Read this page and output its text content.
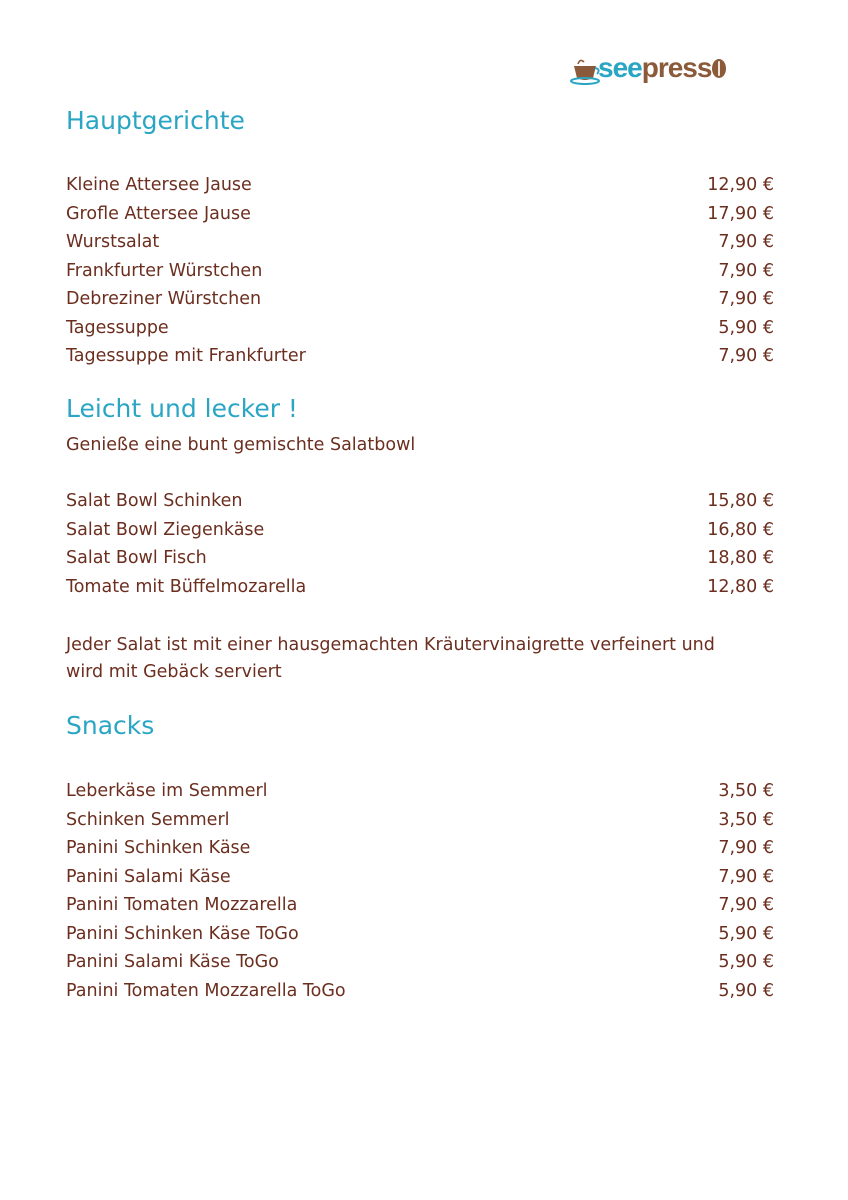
seepress
Hauptgerichte
Kleine Attersee Jause	12,90 €
Grofle Attersee Jause	17,90 €
Wurstsalat	7,90 €
Frankfurter Würstchen	7,90 €
Debreziner Würstchen	7,90 €
Tagessuppe	5,90 €
Tagessuppe mit Frankfurter	7,90 €
Leicht und lecker !

Genieße eine bunt gemischte Salatbowl

Salat Bowl Schinken	15,80 €
Salat Bowl Ziegenkäse	16,80 €
Salat Bowl Fisch	18,80 €
Tomate mit Büffelmozarella	12,80 €
Jeder Salat ist mit einer hausgemachten Kräutervinaigrette verfeinert und
wird mit Gebäck serviert
Snacks
Leberkäse im Semmerl	3,50 €
Schinken Semmerl	3,50 €
Panini Schinken Käse	7,90 €
Panini Salami Käse	7,90 €
Panini Tomaten Mozzarella	7,90 €
Panini Schinken Käse ToGo	5,90 €
Panini Salami Käse ToGo	5,90 €
Panini Tomaten Mozzarella ToGo	5,90 €
